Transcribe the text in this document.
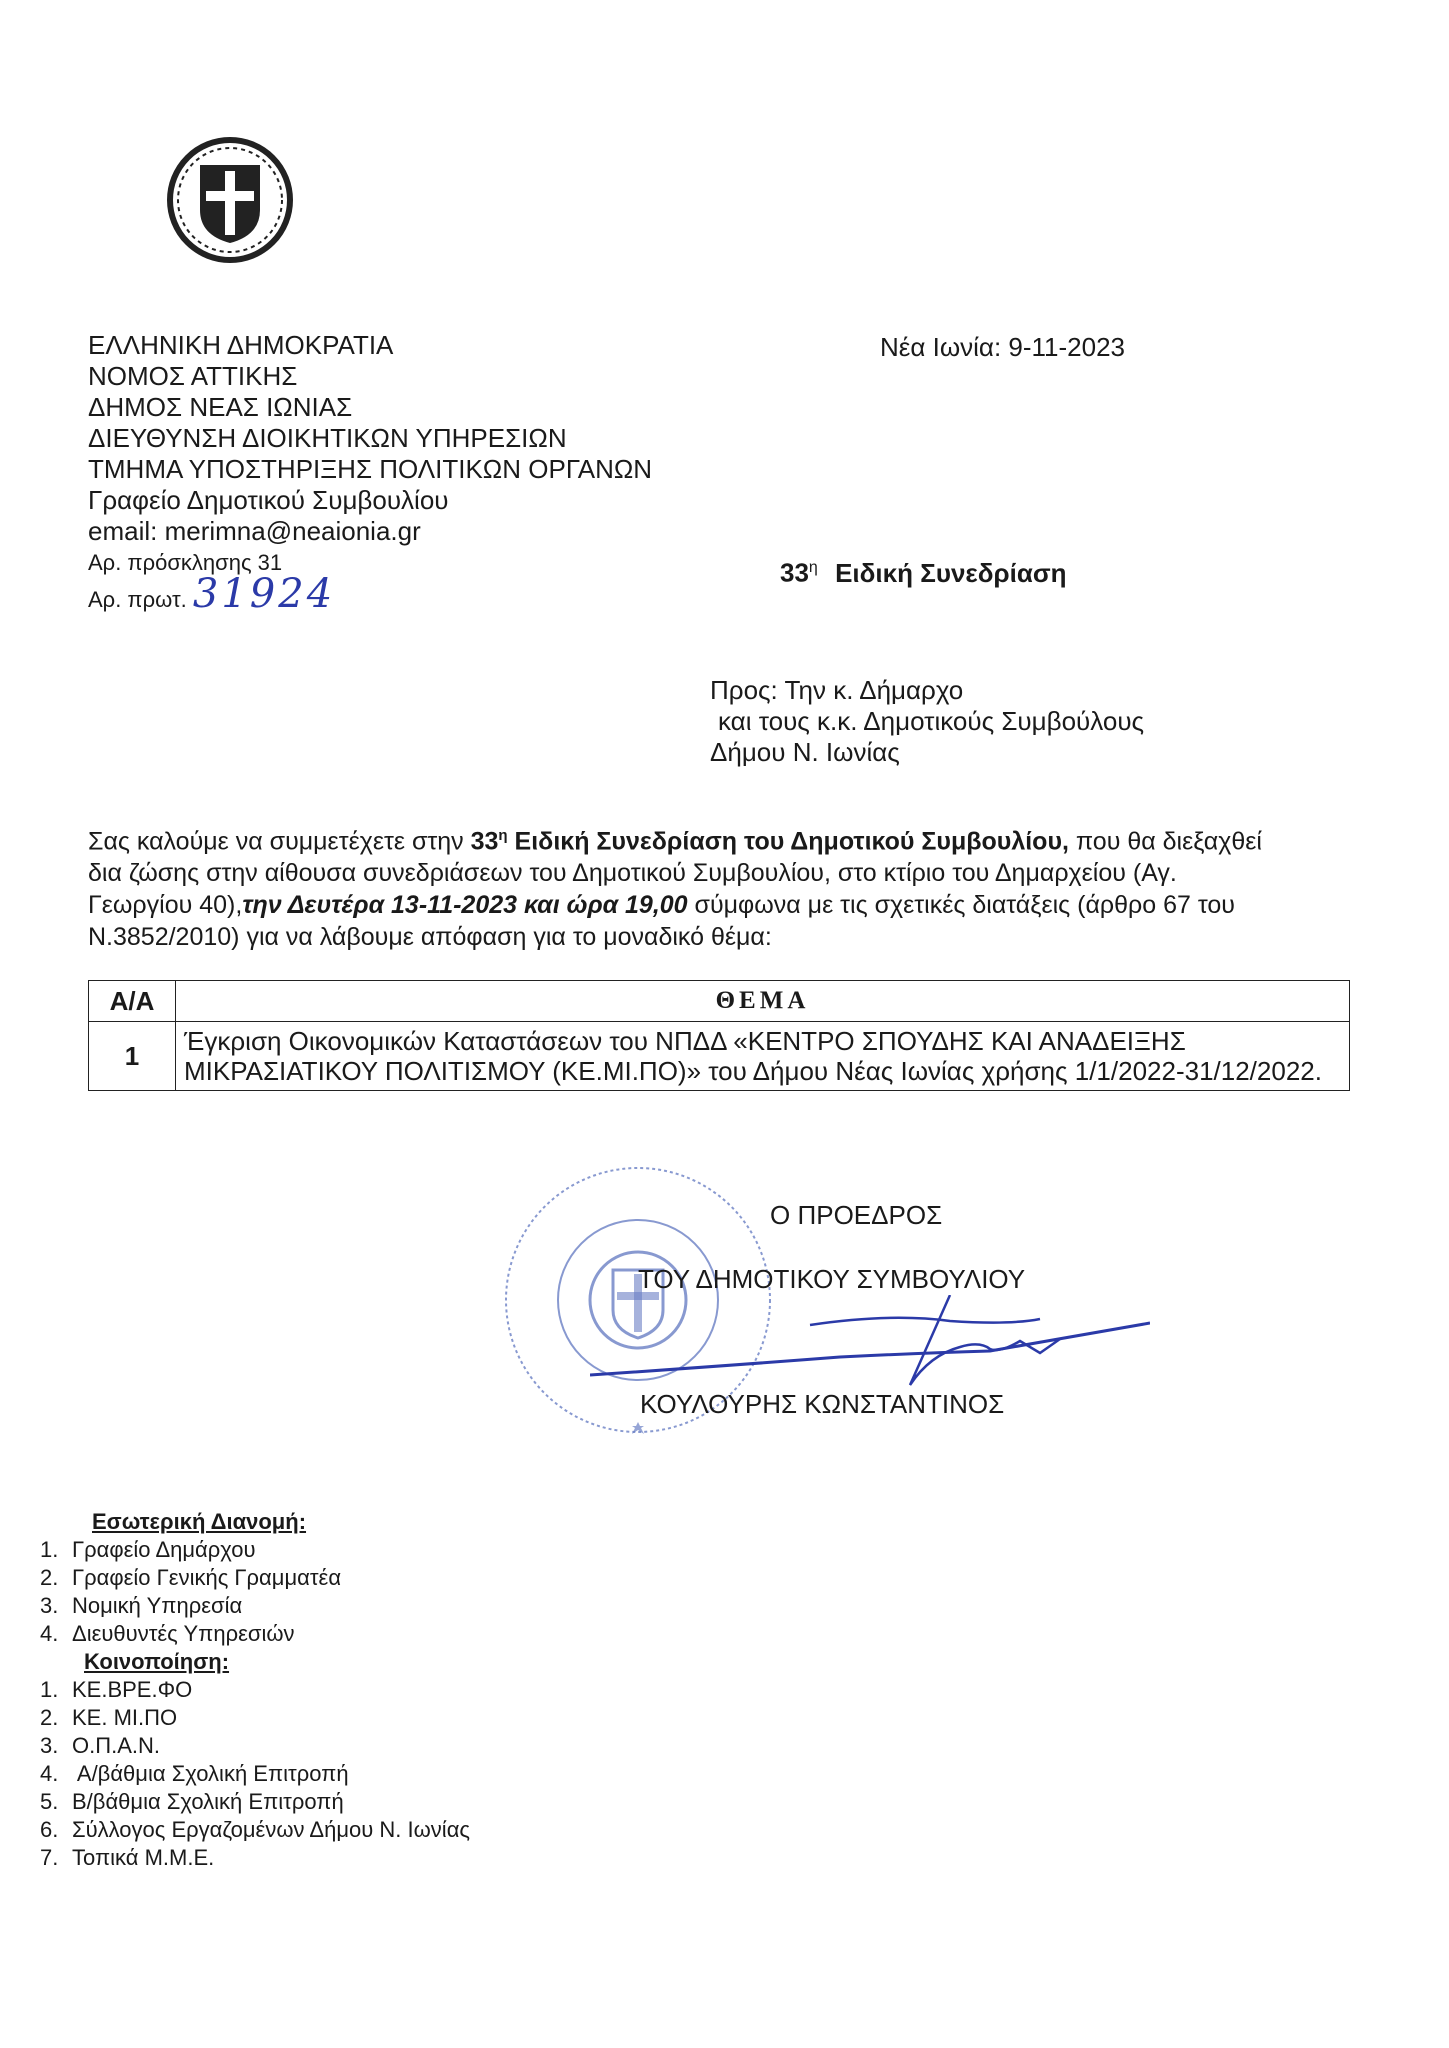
ΕΛΛΗΝΙΚΗ ΔΗΜΟΚΡΑΤΙΑ
ΝΟΜΟΣ ΑΤΤΙΚΗΣ
ΔΗΜΟΣ ΝΕΑΣ ΙΩΝΙΑΣ
ΔΙΕΥΘΥΝΣΗ ΔΙΟΙΚΗΤΙΚΩΝ ΥΠΗΡΕΣΙΩΝ
ΤΜΗΜΑ ΥΠΟΣΤΗΡΙΞΗΣ ΠΟΛΙΤΙΚΩΝ ΟΡΓΑΝΩΝ
Γραφείο Δημοτικού Συμβουλίου
email: merimna@neaionia.gr
Αρ. πρόσκλησης 31
Αρ. πρωτ. 31924
Νέα Ιωνία: 9-11-2023
$33^\eta$ Ειδική Συνεδρίαση
Προς: Την κ. Δήμαρχο
και τους κ.κ. Δημοτικούς Συμβούλους
Δήμου Ν. Ιωνίας
Σας καλούμε να συμμετέχετε στην $33^\eta$ Ειδική Συνεδρίαση του Δημοτικού Συμβουλίου, που θα διεξαχθεί δια ζώσης στην αίθουσα συνεδριάσεων του Δημοτικού Συμβουλίου, στο κτίριο του Δημαρχείου (Αγ. Γεωργίου 40),την Δευτέρα 13-11-2023 και ώρα 19,00 σύμφωνα με τις σχετικές διατάξεις (άρθρο 67 του Ν.3852/2010) για να λάβουμε απόφαση για το μοναδικό θέμα:
Α/Α	ΘΕΜΑ
1	Έγκριση Οικονομικών Καταστάσεων του ΝΠΔΔ «ΚΕΝΤΡΟ ΣΠΟΥΔΗΣ ΚΑΙ ΑΝΑΔΕΙΞΗΣ ΜΙΚΡΑΣΙΑΤΙΚΟΥ ΠΟΛΙΤΙΣΜΟΥ (ΚΕ.ΜΙ.ΠΟ)» του Δήμου Νέας Ιωνίας χρήσης 1/1/2022-31/12/2022.
Ο ΠΡΟΕΔΡΟΣ
ΤΟΥ ΔΗΜΟΤΙΚΟΥ ΣΥΜΒΟΥΛΙΟΥ
ΚΟΥΛΟΥΡΗΣ ΚΩΝΣΤΑΝΤΙΝΟΣ
Εσωτερική Διανομή:
1. Γραφείο Δημάρχου
2. Γραφείο Γενικής Γραμματέα
3. Νομική Υπηρεσία
4. Διευθυντές Υπηρεσιών
Κοινοποίηση:
1. ΚΕ.ΒΡΕ.ΦΟ
2. ΚΕ. ΜΙ.ΠΟ
3. Ο.Π.Α.Ν.
4. Α/βάθμια Σχολική Επιτροπή
5. Β/βάθμια Σχολική Επιτροπή
6. Σύλλογος Εργαζομένων Δήμου Ν. Ιωνίας
7. Τοπικά Μ.Μ.Ε.
